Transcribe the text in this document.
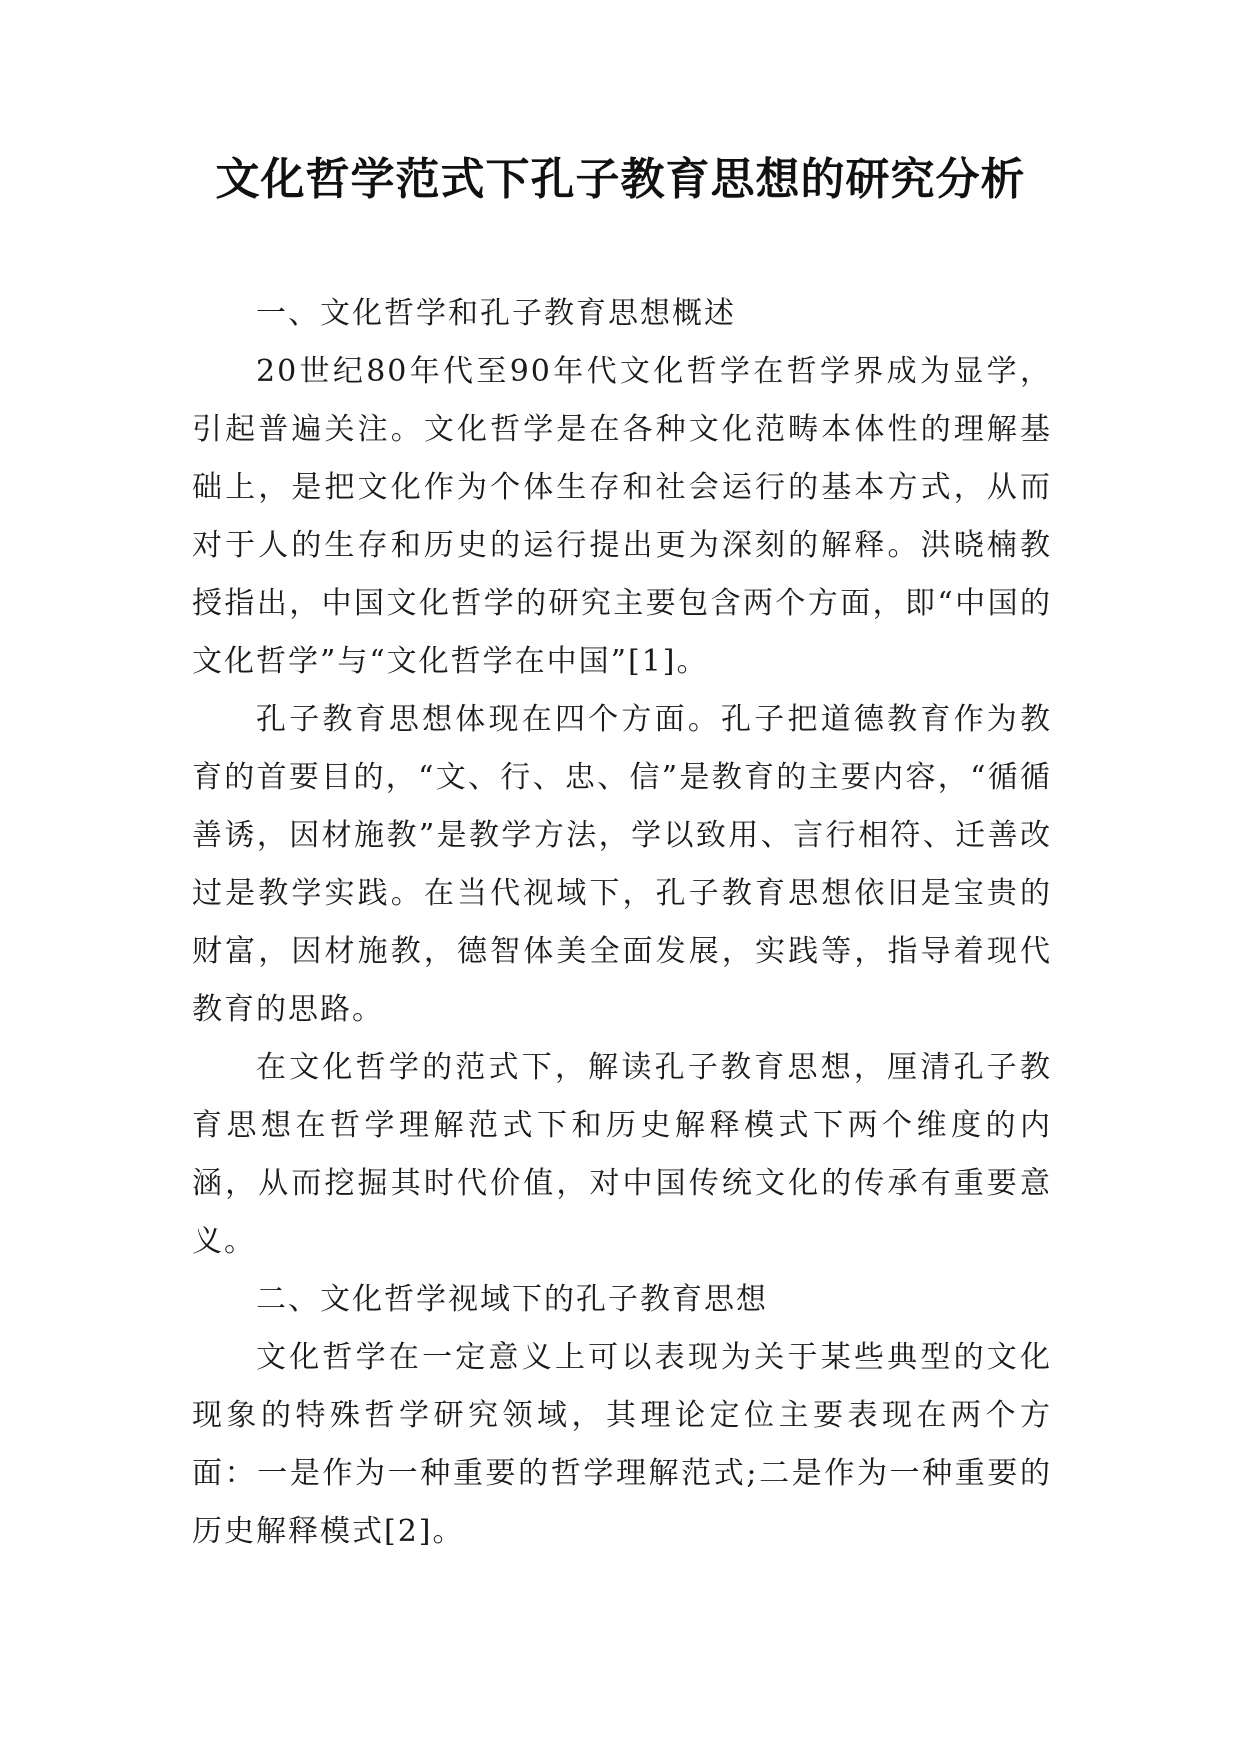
文化哲学范式下孔子教育思想的研究分析

一、文化哲学和孔子教育思想概述

20世纪80年代至90年代文化哲学在哲学界成为显学，引起普遍关注。文化哲学是在各种文化范畴本体性的理解基础上，是把文化作为个体生存和社会运行的基本方式，从而对于人的生存和历史的运行提出更为深刻的解释。洪晓楠教授指出，中国文化哲学的研究主要包含两个方面，即“中国的文化哲学”与“文化哲学在中国”[1]。

孔子教育思想体现在四个方面。孔子把道德教育作为教育的首要目的，“文、行、忠、信”是教育的主要内容，“循循善诱，因材施教”是教学方法，学以致用、言行相符、迁善改过是教学实践。在当代视域下，孔子教育思想依旧是宝贵的财富，因材施教，德智体美全面发展，实践等，指导着现代教育的思路。

在文化哲学的范式下，解读孔子教育思想，厘清孔子教育思想在哲学理解范式下和历史解释模式下两个维度的内涵，从而挖掘其时代价值，对中国传统文化的传承有重要意义。

二、文化哲学视域下的孔子教育思想

文化哲学在一定意义上可以表现为关于某些典型的文化现象的特殊哲学研究领域，其理论定位主要表现在两个方面：一是作为一种重要的哲学理解范式;二是作为一种重要的历史解释模式[2]。
